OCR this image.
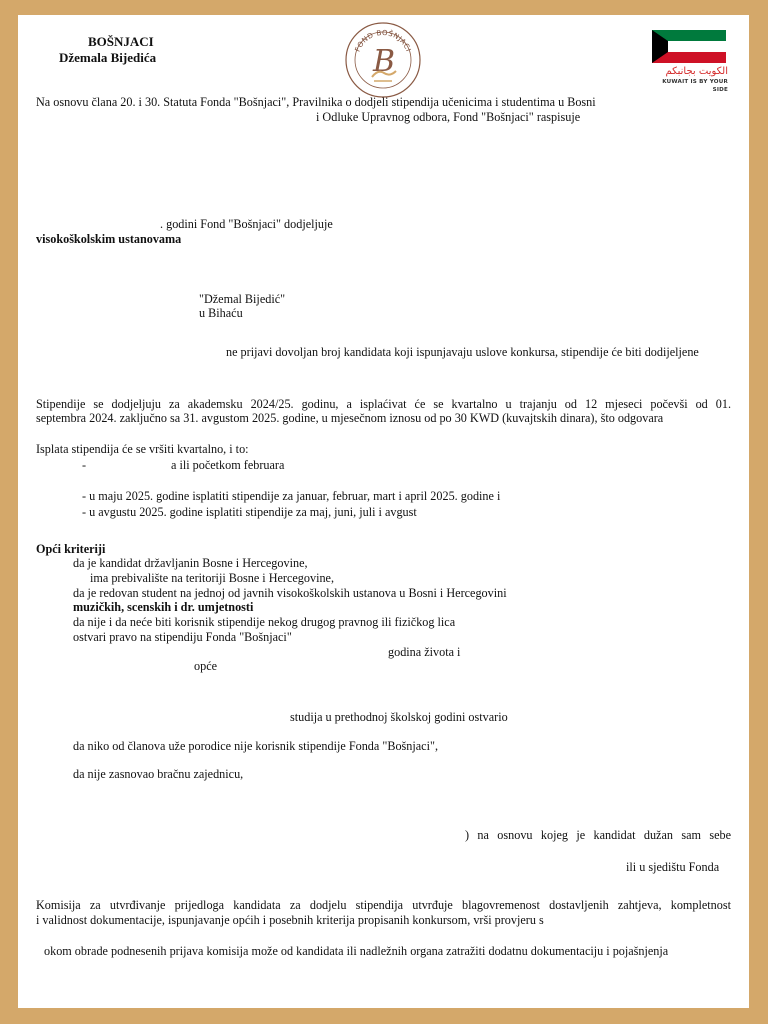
BOŠNJACI
Džemala Bijedića
FOND BOŠNJACI
B	الكويت بجانبكم
KUWAIT IS BY YOUR SIDE
Na osnovu člana 20. i 30. Statuta Fonda "Bošnjaci", Pravilnika o dodjeli stipendija učenicima i studentima u Bosni
i Odluke Upravnog odbora, Fond "Bošnjaci" raspisuje
. godini Fond "Bošnjaci" dodjeljuje
visokoškolskim ustanovama
"Džemal Bijedić"
u Bihaću
ne prijavi dovoljan broj kandidata koji ispunjavaju uslove konkursa, stipendije će biti dodijeljene
Stipendije se dodjeljuju za akademsku 2024/25. godinu, a isplaćivat će se kvartalno u trajanju od 12 mjeseci počevši od 01.
septembra 2024. zaključno sa 31. avgustom 2025. godine, u mjesečnom iznosu od po 30 KWD (kuvajtskih dinara), što odgovara
Isplata stipendija će se vršiti kvartalno, i to:
-	a ili početkom februara
- u maju 2025. godine isplatiti stipendije za januar, februar, mart i april 2025. godine i
- u avgustu 2025. godine isplatiti stipendije za maj, juni, juli i avgust
Opći kriteriji
da je kandidat državljanin Bosne i Hercegovine,
ima prebivalište na teritoriji Bosne i Hercegovine,
da je redovan student na jednoj od javnih visokoškolskih ustanova u Bosni i Hercegovini
muzičkih, scenskih i dr. umjetnosti
da nije i da neće biti korisnik stipendije nekog drugog pravnog ili fizičkog lica
ostvari pravo na stipendiju Fonda "Bošnjaci"
godina života i
opće
studija u prethodnoj školskoj godini ostvario
da niko od članova uže porodice nije korisnik stipendije Fonda "Bošnjaci",
da nije zasnovao bračnu zajednicu,
) na osnovu kojeg je kandidat dužan sam sebe
ili u sjedištu Fonda
Komisija za utvrđivanje prijedloga kandidata za dodjelu stipendija utvrđuje blagovremenost dostavljenih zahtjeva, kompletnost
i validnost dokumentacije, ispunjavanje općih i posebnih kriterija propisanih konkursom, vrši provjeru s
okom obrade podnesenih prijava komisija može od kandidata ili nadležnih organa zatražiti dodatnu dokumentaciju i pojašnjenja
